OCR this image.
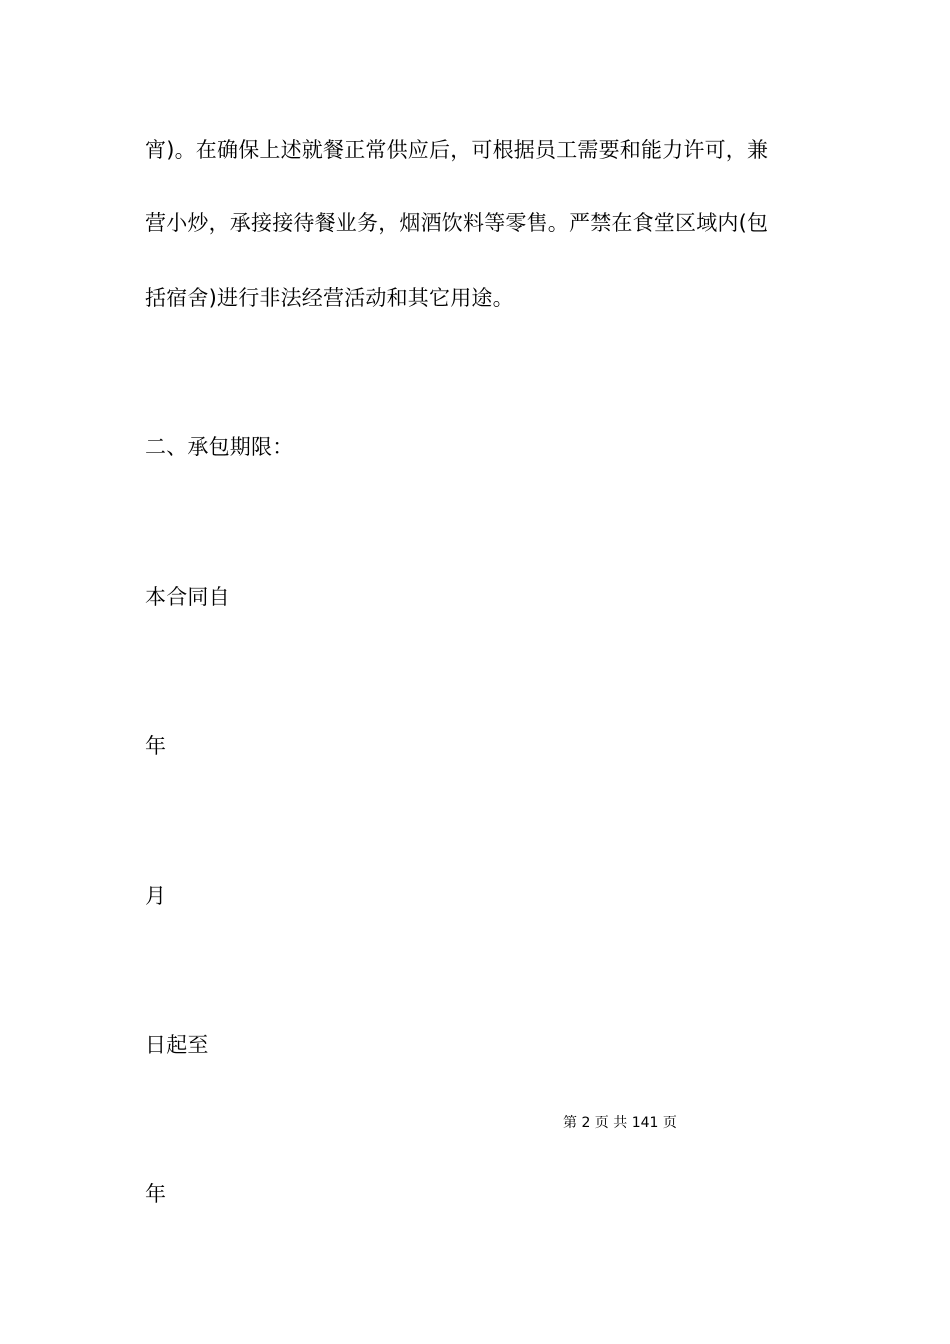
宵)。在确保上述就餐正常供应后，可根据员工需要和能力许可，兼
营小炒，承接接待餐业务，烟酒饮料等零售。严禁在食堂区域内(包
括宿舍)进行非法经营活动和其它用途。
二、承包期限：
本合同自
年
月
日起至
第 2 页 共 141 页
年
